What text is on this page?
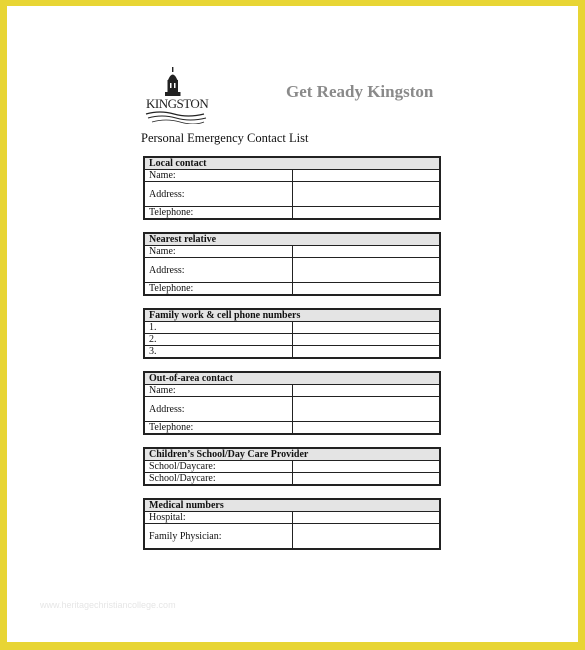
KINGSTON
Get Ready Kingston
Personal Emergency Contact List
Local contact	
Name:	
Address:	
Telephone:	
Nearest relative	
Name:	
Address:	
Telephone:	
Family work & cell phone numbers	
1.	
2.	
3.	
Out-of-area contact	
Name:	
Address:	
Telephone:	
Children’s School/Day Care Provider	
School/Daycare:	
School/Daycare:	
Medical numbers	
Hospital:	
Family Physician:	
www.heritagechristiancollege.com
